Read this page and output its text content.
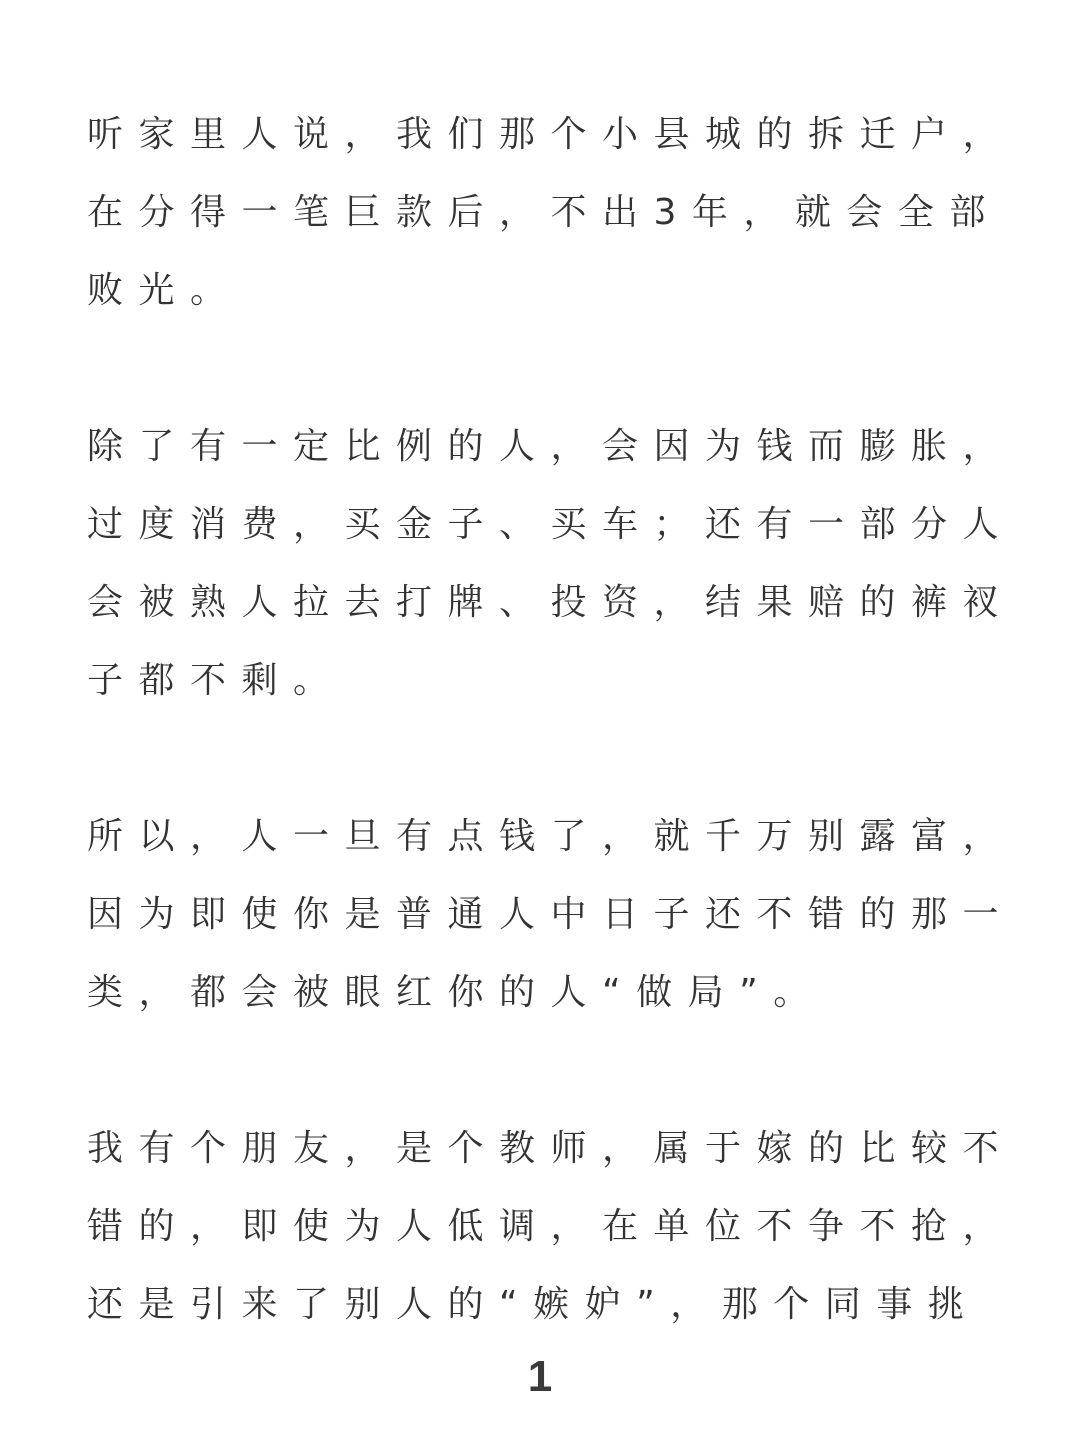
听家里人说，我们那个小县城的拆迁户，
在分得一笔巨款后，不出3年，就会全部
败光。
除了有一定比例的人，会因为钱而膨胀，
过度消费，买金子、买车；还有一部分人
会被熟人拉去打牌、投资，结果赔的裤衩
子都不剩。
所以，人一旦有点钱了，就千万别露富，
因为即使你是普通人中日子还不错的那一
类，都会被眼红你的人“做局”。
我有个朋友，是个教师，属于嫁的比较不
错的，即使为人低调，在单位不争不抢，
还是引来了别人的“嫉妒”，那个同事挑
1
